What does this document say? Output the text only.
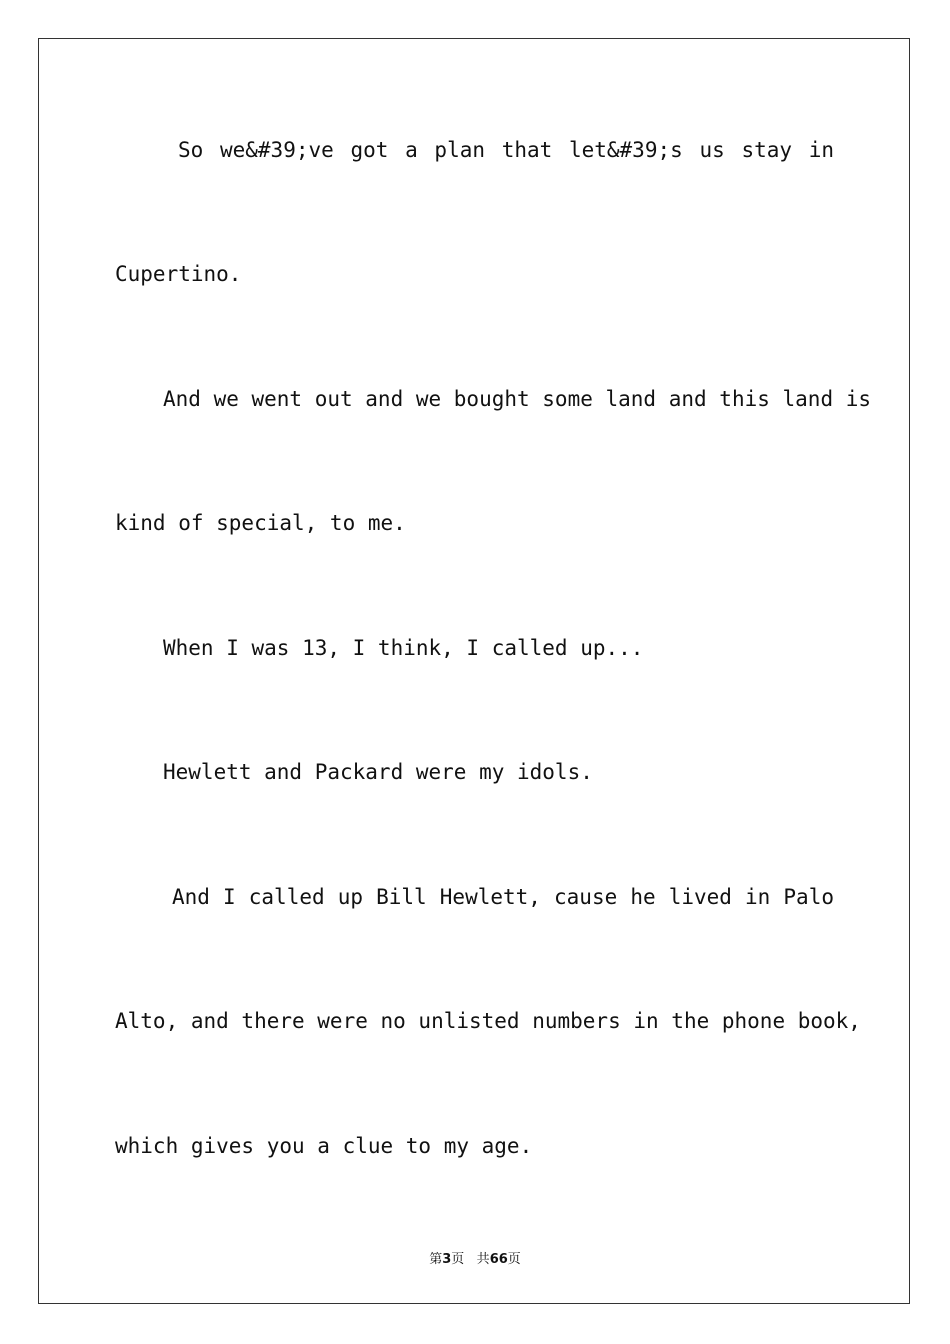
So we&#39;ve got a plan that let&#39;s us stay in
Cupertino.
And we went out and we bought some land and this land is
kind of special, to me.
When I was 13, I think, I called up...
Hewlett and Packard were my idols.
And I called up Bill Hewlett, cause he lived in Palo
Alto, and there were no unlisted numbers in the phone book,
which gives you a clue to my age.
第3页 共66页
